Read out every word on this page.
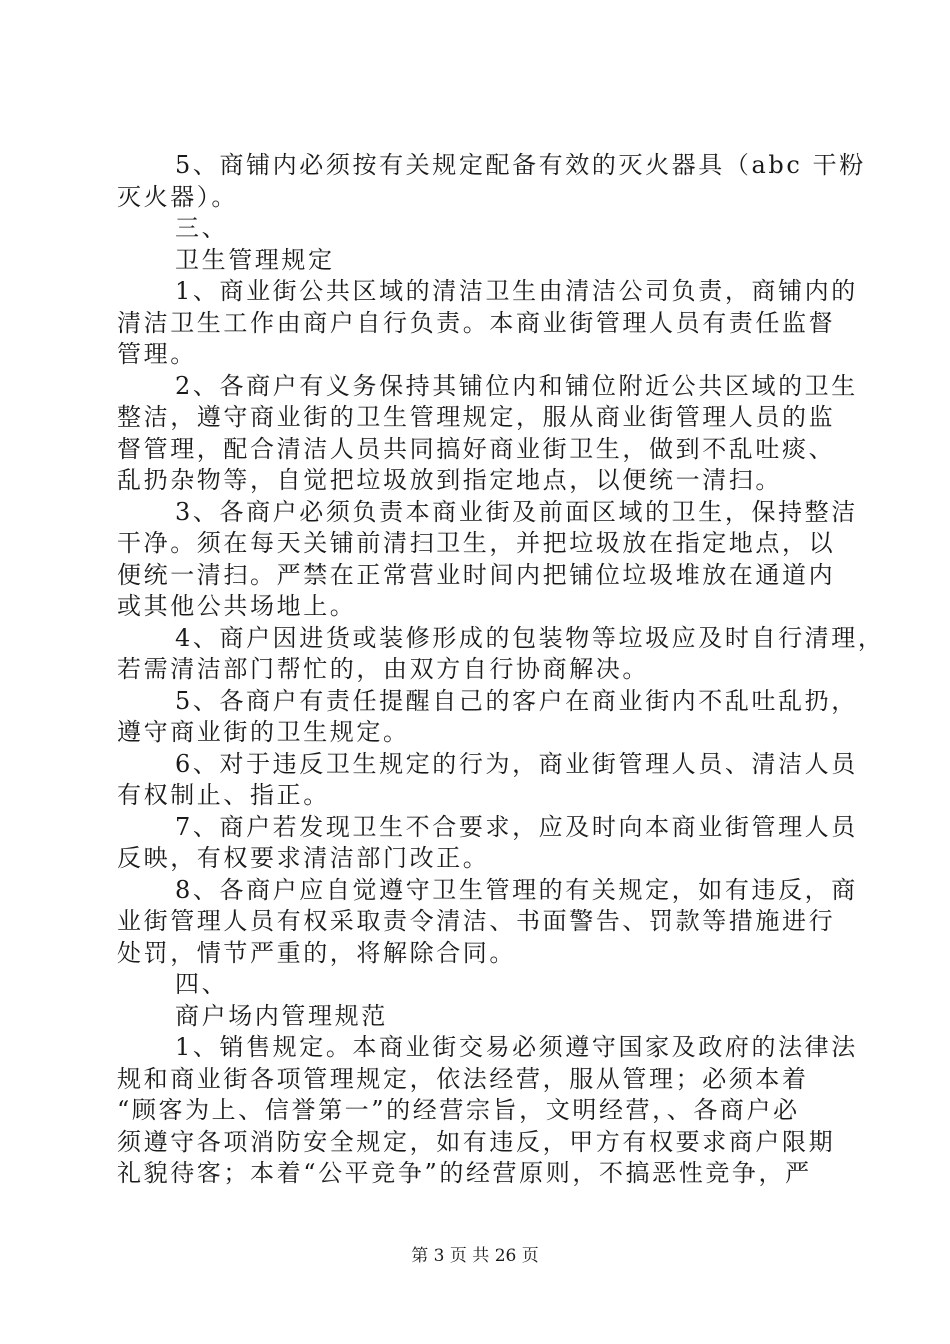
5、商铺内必须按有关规定配备有效的灭火器具（abc 干粉
灭火器）。
三、
卫生管理规定
1、商业街公共区域的清洁卫生由清洁公司负责，商铺内的
清洁卫生工作由商户自行负责。本商业街管理人员有责任监督
管理。
2、各商户有义务保持其铺位内和铺位附近公共区域的卫生
整洁，遵守商业街的卫生管理规定，服从商业街管理人员的监
督管理，配合清洁人员共同搞好商业街卫生，做到不乱吐痰、
乱扔杂物等，自觉把垃圾放到指定地点，以便统一清扫。
3、各商户必须负责本商业街及前面区域的卫生，保持整洁
干净。须在每天关铺前清扫卫生，并把垃圾放在指定地点，以
便统一清扫。严禁在正常营业时间内把铺位垃圾堆放在通道内
或其他公共场地上。
4、商户因进货或装修形成的包装物等垃圾应及时自行清理，
若需清洁部门帮忙的，由双方自行协商解决。
5、各商户有责任提醒自己的客户在商业街内不乱吐乱扔，
遵守商业街的卫生规定。
6、对于违反卫生规定的行为，商业街管理人员、清洁人员
有权制止、指正。
7、商户若发现卫生不合要求，应及时向本商业街管理人员
反映，有权要求清洁部门改正。
8、各商户应自觉遵守卫生管理的有关规定，如有违反，商
业街管理人员有权采取责令清洁、书面警告、罚款等措施进行
处罚，情节严重的，将解除合同。
四、
商户场内管理规范
1、销售规定。本商业街交易必须遵守国家及政府的法律法
规和商业街各项管理规定，依法经营，服从管理；必须本着
“顾客为上、信誉第一”的经营宗旨，文明经营，、各商户必
须遵守各项消防安全规定，如有违反，甲方有权要求商户限期
礼貌待客；本着“公平竞争”的经营原则，不搞恶性竞争，严
第 3 页 共 26 页
